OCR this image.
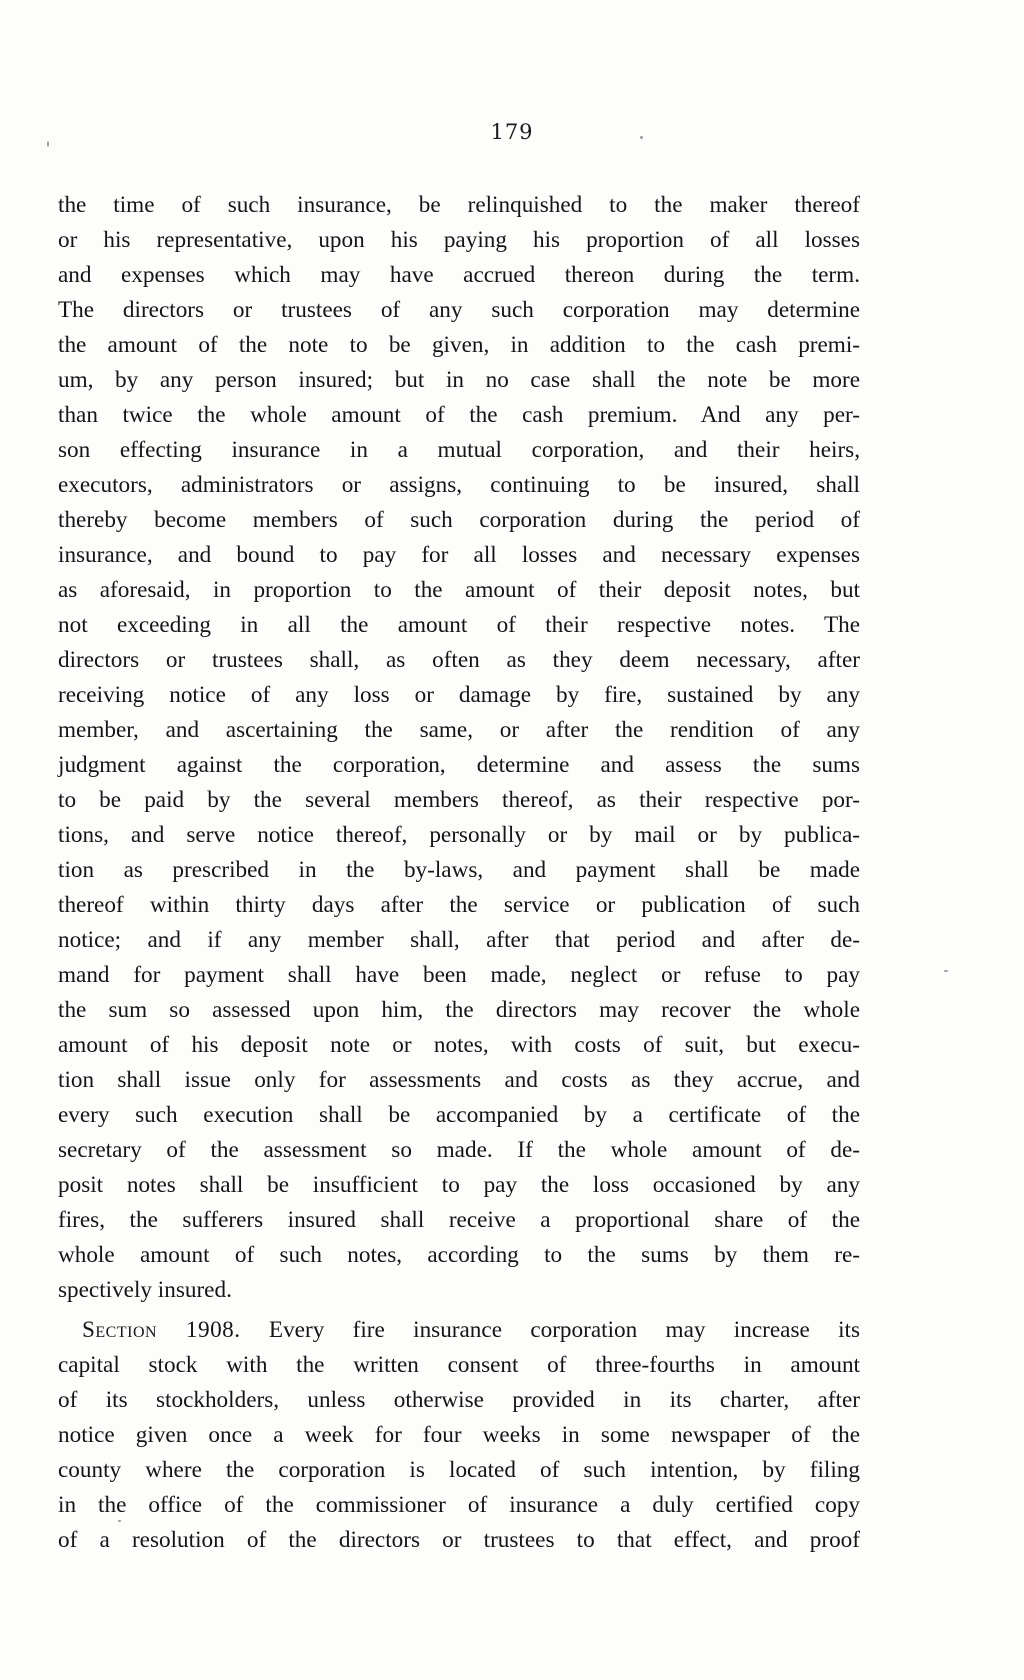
179
the time of such insurance, be relinquished to the maker thereof
or his representative, upon his paying his proportion of all losses
and expenses which may have accrued thereon during the term.
The directors or trustees of any such corporation may determine
the amount of the note to be given, in addition to the cash premi-
um, by any person insured; but in no case shall the note be more
than twice the whole amount of the cash premium. And any per-
son effecting insurance in a mutual corporation, and their heirs,
executors, administrators or assigns, continuing to be insured, shall
thereby become members of such corporation during the period of
insurance, and bound to pay for all losses and necessary expenses
as aforesaid, in proportion to the amount of their deposit notes, but
not exceeding in all the amount of their respective notes. The
directors or trustees shall, as often as they deem necessary, after
receiving notice of any loss or damage by fire, sustained by any
member, and ascertaining the same, or after the rendition of any
judgment against the corporation, determine and assess the sums
to be paid by the several members thereof, as their respective por-
tions, and serve notice thereof, personally or by mail or by publica-
tion as prescribed in the by-laws, and payment shall be made
thereof within thirty days after the service or publication of such
notice; and if any member shall, after that period and after de-
mand for payment shall have been made, neglect or refuse to pay
the sum so assessed upon him, the directors may recover the whole
amount of his deposit note or notes, with costs of suit, but execu-
tion shall issue only for assessments and costs as they accrue, and
every such execution shall be accompanied by a certificate of the
secretary of the assessment so made. If the whole amount of de-
posit notes shall be insufficient to pay the loss occasioned by any
fires, the sufferers insured shall receive a proportional share of the
whole amount of such notes, according to the sums by them re-
spectively insured.
Section 1908. Every fire insurance corporation may increase its
capital stock with the written consent of three-fourths in amount
of its stockholders, unless otherwise provided in its charter, after
notice given once a week for four weeks in some newspaper of the
county where the corporation is located of such intention, by filing
in the office of the commissioner of insurance a duly certified copy
of a resolution of the directors or trustees to that effect, and proof
